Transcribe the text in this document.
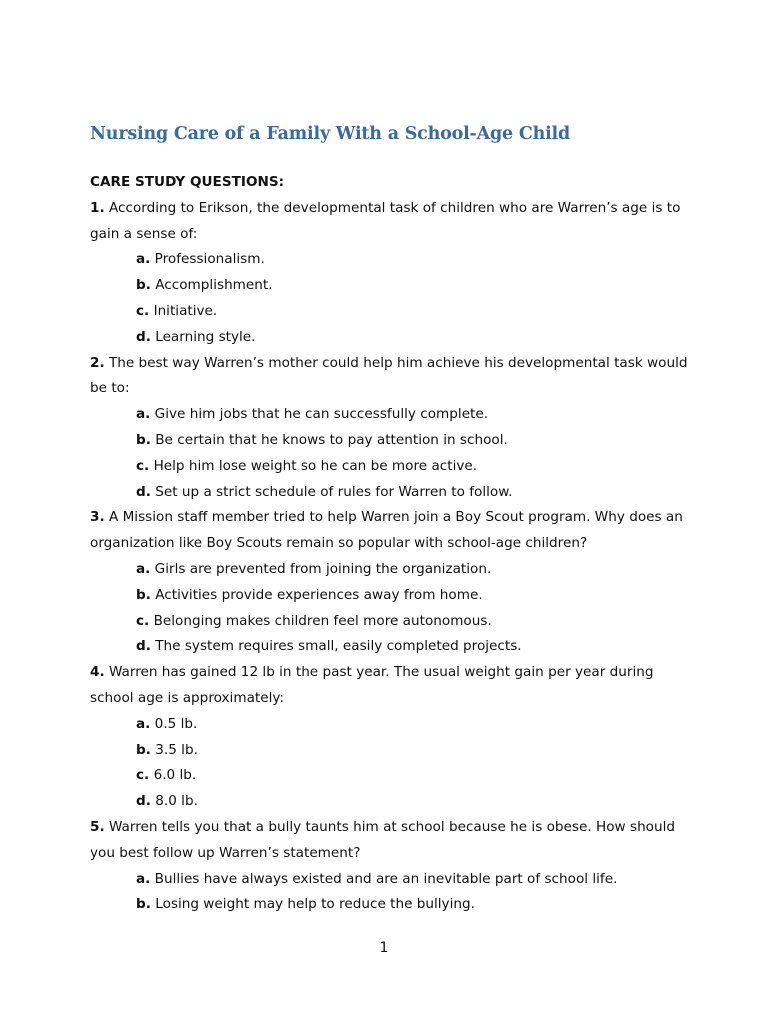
Nursing Care of a Family With a School-Age Child
CARE STUDY QUESTIONS:

1. According to Erikson, the developmental task of children who are Warren’s age is to gain a sense of:

a. Professionalism.

b. Accomplishment.

c. Initiative.

d. Learning style.

2. The best way Warren’s mother could help him achieve his developmental task would be to:

a. Give him jobs that he can successfully complete.

b. Be certain that he knows to pay attention in school.

c. Help him lose weight so he can be more active.

d. Set up a strict schedule of rules for Warren to follow.

3. A Mission staff member tried to help Warren join a Boy Scout program. Why does an organization like Boy Scouts remain so popular with school-age children?

a. Girls are prevented from joining the organization.

b. Activities provide experiences away from home.

c. Belonging makes children feel more autonomous.

d. The system requires small, easily completed projects.

4. Warren has gained 12 lb in the past year. The usual weight gain per year during school age is approximately:

a. 0.5 lb.

b. 3.5 lb.

c. 6.0 lb.

d. 8.0 lb.

5. Warren tells you that a bully taunts him at school because he is obese. How should you best follow up Warren’s statement?

a. Bullies have always existed and are an inevitable part of school life.

b. Losing weight may help to reduce the bullying.

1
